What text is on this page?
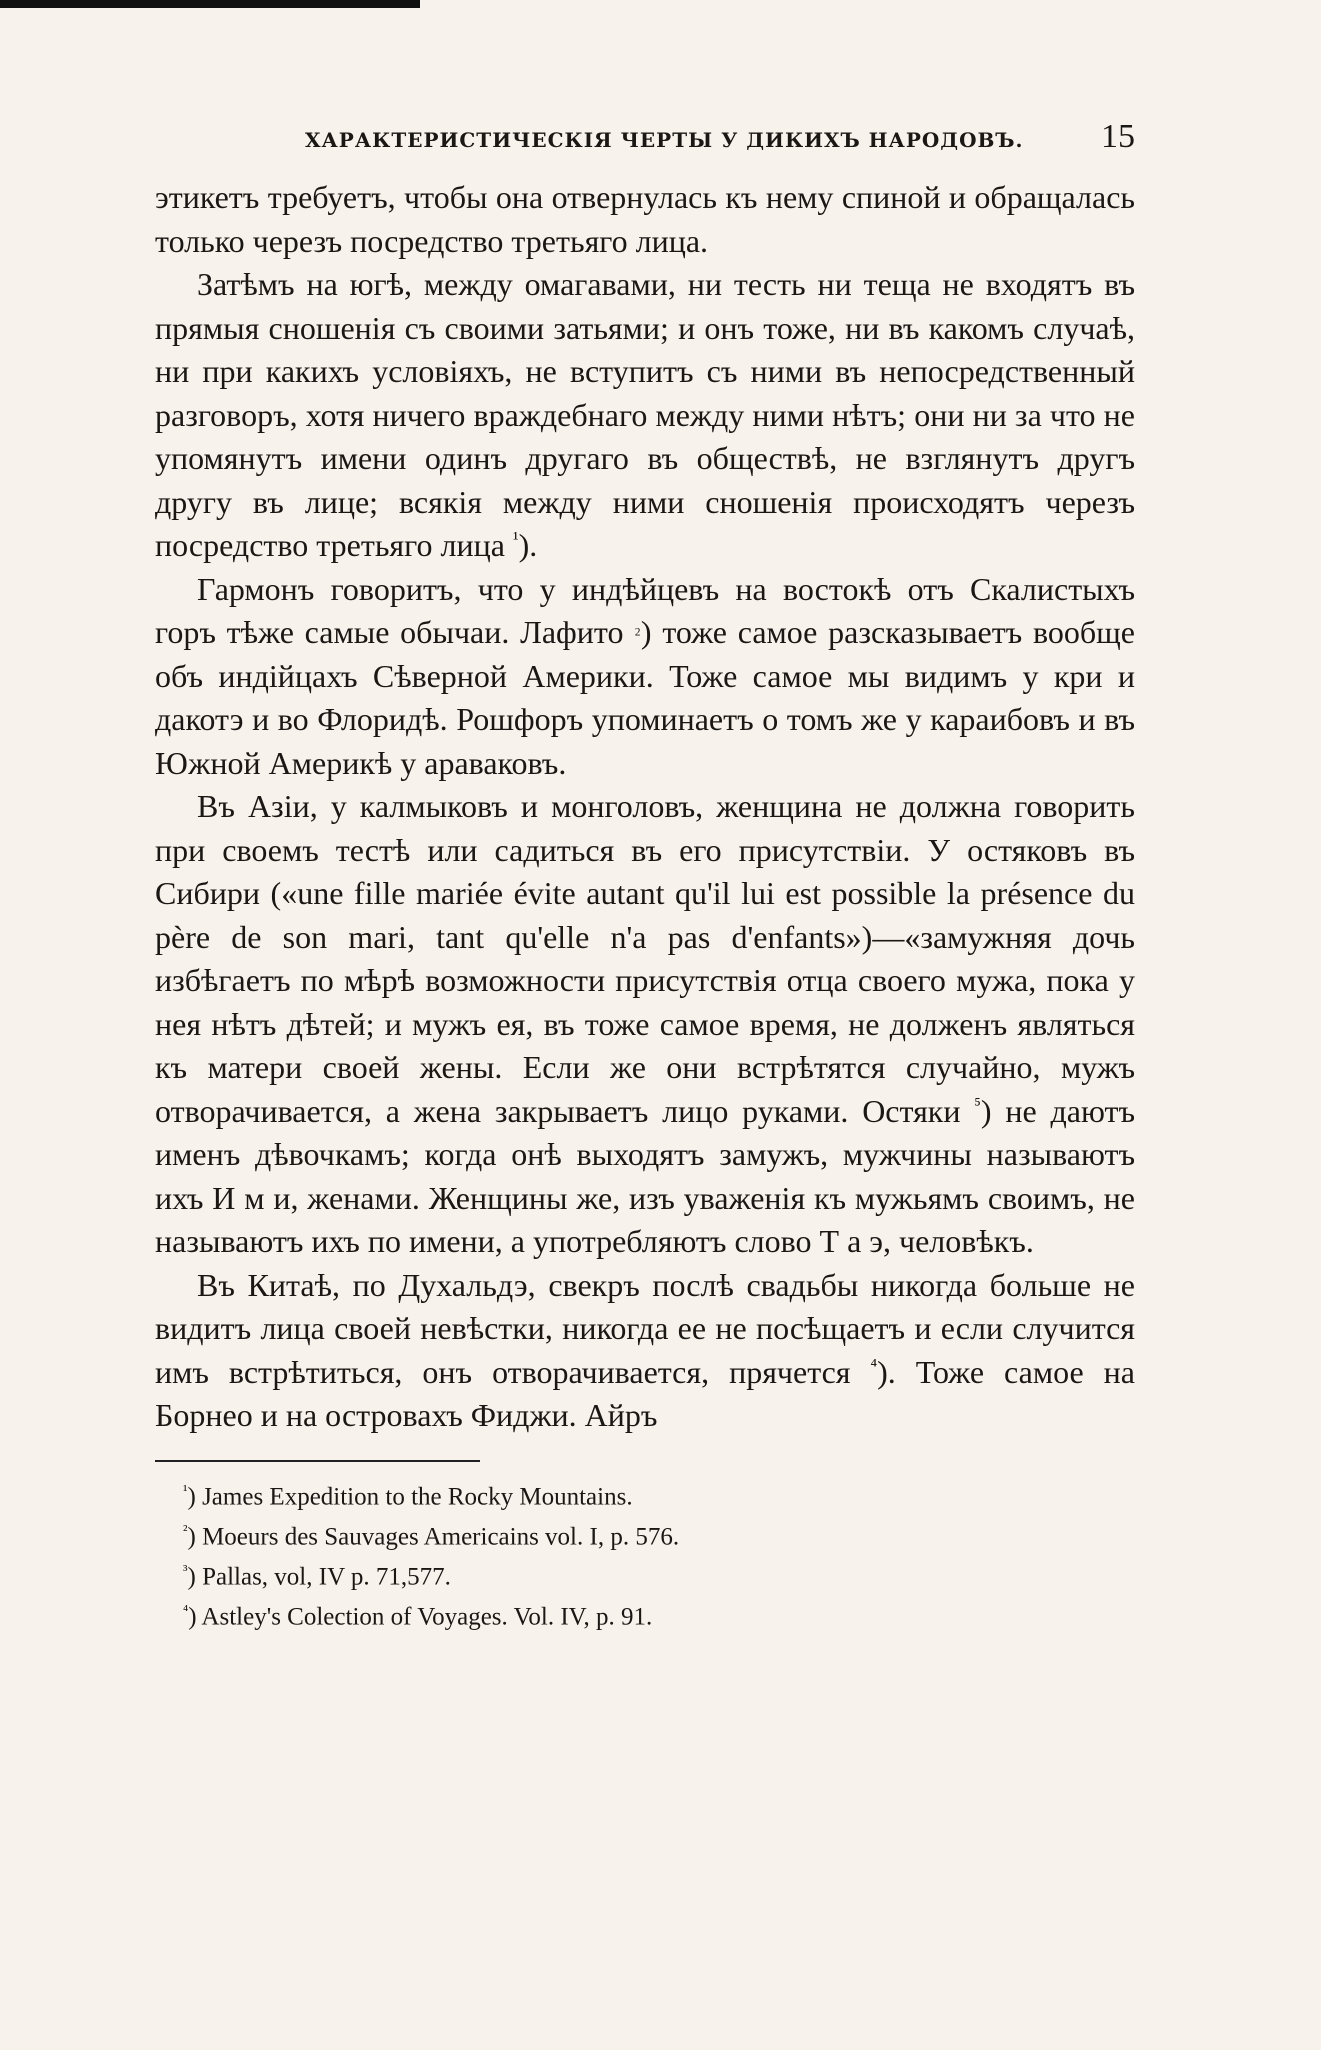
ХАРАКТЕРИСТИЧЕСКІЯ ЧЕРТЫ У ДИКИХЪ НАРОДОВЪ. 15

этикетъ требуетъ, чтобы она отвернулась къ нему спиной и обращалась только черезъ посредство третьяго лица.

Затѣмъ на югѣ, между омагавами, ни тесть ни теща не входятъ въ прямыя сношенія съ своими затьями; и онъ тоже, ни въ какомъ случаѣ, ни при какихъ условіяхъ, не вступитъ съ ними въ непосредственный разговоръ, хотя ничего враждебнаго между ними нѣтъ; они ни за что не упомянутъ имени одинъ другаго въ обществѣ, не взглянутъ другъ другу въ лице; всякія между ними сношенія происходятъ черезъ посредство третьяго лица $^{^1}$).

Гармонъ говоритъ, что у индѣйцевъ на востокѣ отъ Скалистыхъ горъ тѣже самые обычаи. Лафито $^{_2}$) тоже самое разсказываетъ вообще объ индійцахъ Сѣверной Америки. Тоже самое мы видимъ у кри и дакотэ и во Флоридѣ. Рошфоръ упоминаетъ о томъ же у караибовъ и въ Южной Америкѣ у араваковъ.

Въ Азіи, у калмыковъ и монголовъ, женщина не должна говорить при своемъ тестѣ или садиться въ его присутствіи. У остяковъ въ Сибири («une fille mariée évite autant qu'il lui est possible la présence du père de son mari, tant qu'elle n'a pas d'enfants»)—«замужняя дочь избѣгаетъ по мѣрѣ возможности присутствія отца своего мужа, пока у нея нѣтъ дѣтей; и мужъ ея, въ тоже самое время, не долженъ являться къ матери своей жены. Если же они встрѣтятся случайно, мужъ отворачивается, а жена закрываетъ лицо руками. Остяки $^{^5}$) не даютъ именъ дѣвочкамъ; когда онѣ выходятъ замужъ, мужчины называютъ ихъ И м и, женами. Женщины же, изъ уваженія къ мужьямъ своимъ, не называютъ ихъ по имени, а употребляютъ слово Т а э, человѣкъ.

Въ Китаѣ, по Духальдэ, свекръ послѣ свадьбы никогда больше не видитъ лица своей невѣстки, никогда ее не посѣщаетъ и если случится имъ встрѣтиться, онъ отворачивается, прячется $^{^4}$). Тоже самое на Борнео и на островахъ Фиджи. Айръ

$^{^1}$) James Expedition to the Rocky Mountains.
$^{^2}$) Moeurs des Sauvages Americains vol. I, p. 576.
$^{^3}$) Pallas, vol, IV p. 71,577.
$^{^4}$) Astley's Colection of Voyages. Vol. IV, p. 91.
